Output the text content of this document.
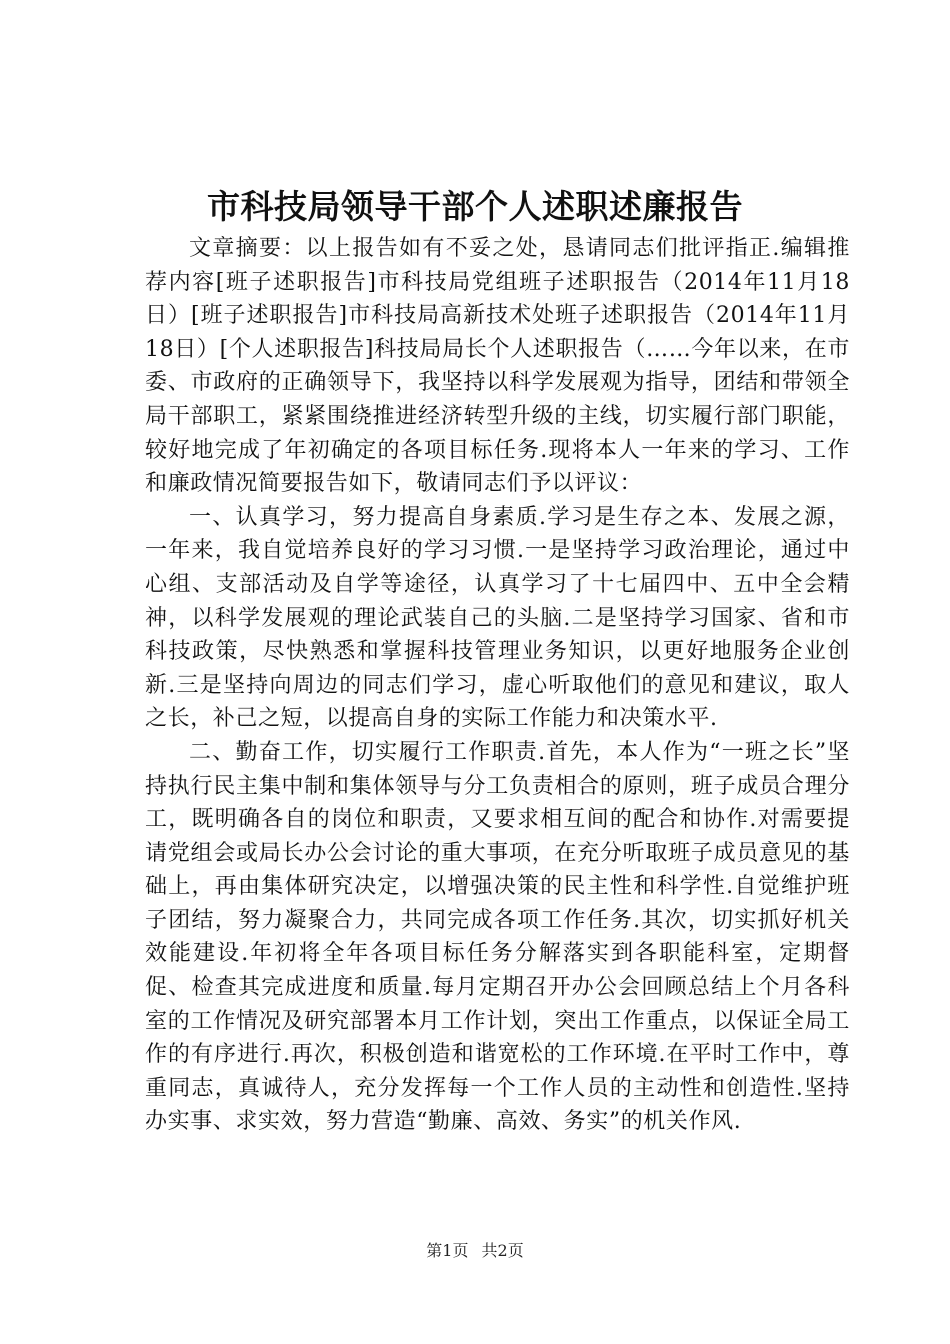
市科技局领导干部个人述职述廉报告

文章摘要：以上报告如有不妥之处，恳请同志们批评指正.编辑推荐内容[班子述职报告]市科技局党组班子述职报告（2014年11月18日）[班子述职报告]市科技局高新技术处班子述职报告（2014年11月18日）[个人述职报告]科技局局长个人述职报告（……今年以来，在市委、市政府的正确领导下，我坚持以科学发展观为指导，团结和带领全局干部职工，紧紧围绕推进经济转型升级的主线，切实履行部门职能，较好地完成了年初确定的各项目标任务.现将本人一年来的学习、工作和廉政情况简要报告如下，敬请同志们予以评议：

一、认真学习，努力提高自身素质.学习是生存之本、发展之源，一年来，我自觉培养良好的学习习惯.一是坚持学习政治理论，通过中心组、支部活动及自学等途径，认真学习了十七届四中、五中全会精神，以科学发展观的理论武装自己的头脑.二是坚持学习国家、省和市科技政策，尽快熟悉和掌握科技管理业务知识，以更好地服务企业创新.三是坚持向周边的同志们学习，虚心听取他们的意见和建议，取人之长，补己之短，以提高自身的实际工作能力和决策水平.

二、勤奋工作，切实履行工作职责.首先，本人作为“一班之长”坚持执行民主集中制和集体领导与分工负责相合的原则，班子成员合理分工，既明确各自的岗位和职责，又要求相互间的配合和协作.对需要提请党组会或局长办公会讨论的重大事项，在充分听取班子成员意见的基础上，再由集体研究决定，以增强决策的民主性和科学性.自觉维护班子团结，努力凝聚合力，共同完成各项工作任务.其次，切实抓好机关效能建设.年初将全年各项目标任务分解落实到各职能科室，定期督促、检查其完成进度和质量.每月定期召开办公会回顾总结上个月各科室的工作情况及研究部署本月工作计划，突出工作重点，以保证全局工作的有序进行.再次，积极创造和谐宽松的工作环境.在平时工作中，尊重同志，真诚待人，充分发挥每一个工作人员的主动性和创造性.坚持办实事、求实效，努力营造“勤廉、高效、务实”的机关作风.

第1页 共2页
